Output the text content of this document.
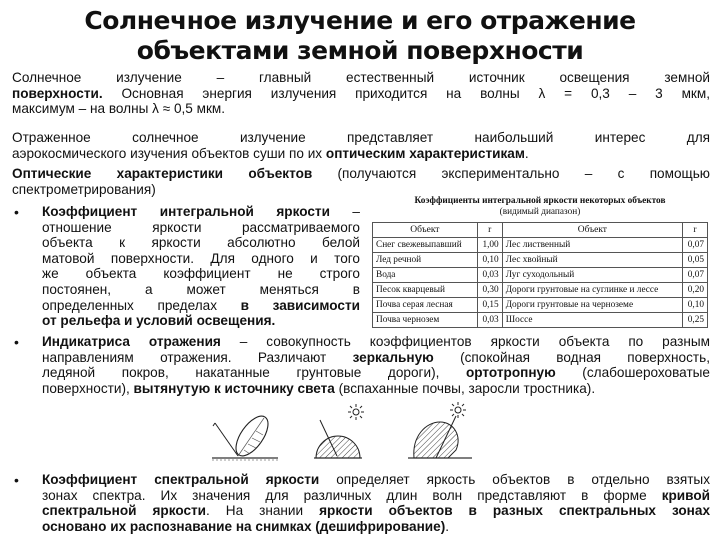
Солнечное излучение и его отражение
объектами земной поверхности
Солнечное излучение – главный естественный источник освещения земной
поверхности. Основная энергия излучения приходится на волны λ = 0,3 – 3 мкм,
максимум – на волны λ ≈ 0,5 мкм.
Отраженное солнечное излучение представляет наибольший интерес для
аэрокосмического изучения объектов суши по их оптическим характеристикам.
Оптические характеристики объектов (получаются экспериментально – с помощью
спектрометрирования)
• Коэффициент интегральной яркости –
отношение яркости рассматриваемого
объекта к яркости абсолютно белой
матовой поверхности. Для одного и того
же объекта коэффициент не строго
постоянен, а может меняться в
определенных пределах в зависимости
от рельефа и условий освещения.
Коэффициенты интегральной яркости некоторых объектов
(видимый диапазон)
Объект	r	Объект	r
Снег свежевыпавший	1,00	Лес лиственный	0,07
Лед речной	0,10	Лес хвойный	0,05
Вода	0,03	Луг суходольный	0,07
Песок кварцевый	0,30	Дороги грунтовые на суглинке и лессе	0,20
Почва серая лесная	0,15	Дороги грунтовые на черноземе	0,10
Почва чернозем	0,03	Шоссе	0,25
• Индикатриса отражения – совокупность коэффициентов яркости объекта по разным
направлениям отражения. Различают зеркальную (спокойная водная поверхность,
ледяной покров, накатанные грунтовые дороги), ортотропную (слабошероховатые
поверхности), вытянутую к источнику света (вспаханные почвы, заросли тростника).
• Коэффициент спектральной яркости определяет яркость объектов в отдельно взятых
зонах спектра. Их значения для различных длин волн представляют в форме кривой
спектральной яркости. На знании яркости объектов в разных спектральных зонах
основано их распознавание на снимках (дешифрирование).
